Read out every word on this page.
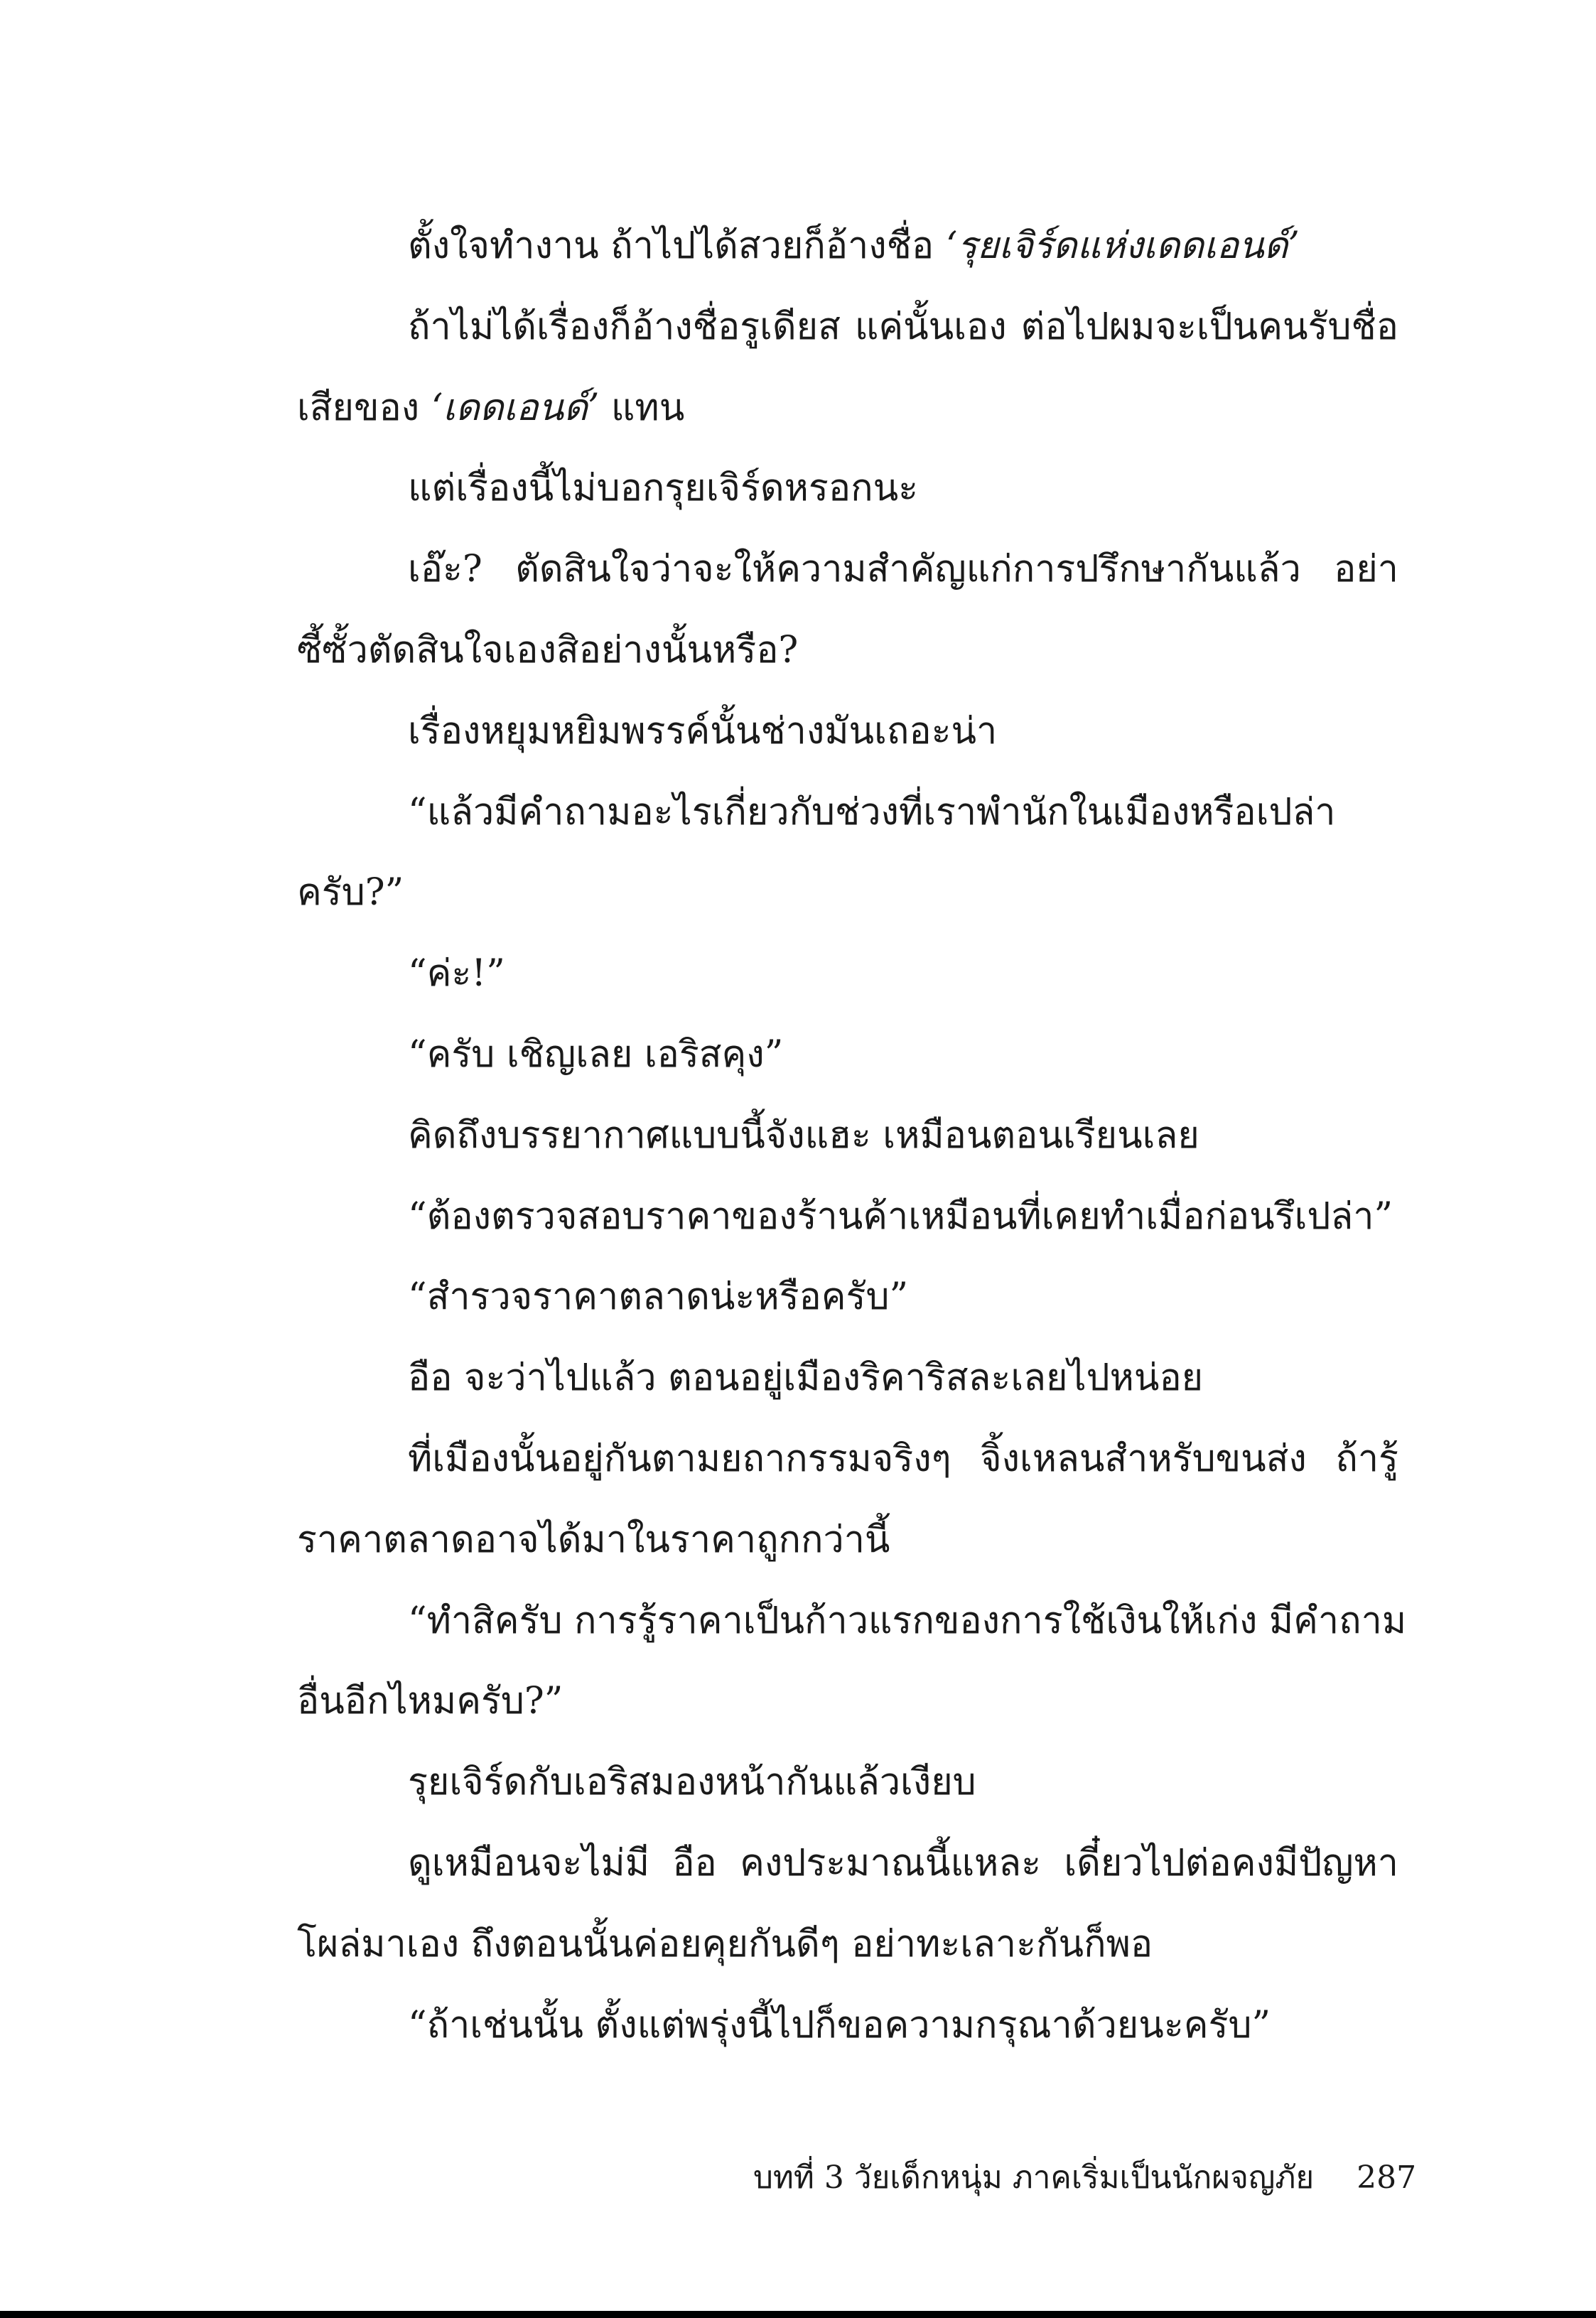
ตั้งใจทำงาน ถ้าไปได้สวยก็อ้างชื่อ ‘รุยเจิร์ดแห่งเดดเอนด์’
ถ้าไม่ได้เรื่องก็อ้างชื่อรูเดียส แค่นั้นเอง ต่อไปผมจะเป็นคนรับชื่อ
เสียของ ‘เดดเอนด์’ แทน
แต่เรื่องนี้ไม่บอกรุยเจิร์ดหรอกนะ
เอ๊ะ? ตัดสินใจว่าจะให้ความสำคัญแก่การปรึกษากันแล้ว อย่า
ซี้ซั้วตัดสินใจเองสิอย่างนั้นหรือ?
เรื่องหยุมหยิมพรรค์นั้นช่างมันเถอะน่า
“แล้วมีคำถามอะไรเกี่ยวกับช่วงที่เราพำนักในเมืองหรือเปล่า
ครับ?”
“ค่ะ!”
“ครับ เชิญเลย เอริสคุง”
คิดถึงบรรยากาศแบบนี้จังแฮะ เหมือนตอนเรียนเลย
“ต้องตรวจสอบราคาของร้านค้าเหมือนที่เคยทำเมื่อก่อนรึเปล่า”
“สำรวจราคาตลาดน่ะหรือครับ”
อือ จะว่าไปแล้ว ตอนอยู่เมืองริคาริสละเลยไปหน่อย
ที่เมืองนั้นอยู่กันตามยถากรรมจริงๆ จิ้งเหลนสำหรับขนส่ง ถ้ารู้
ราคาตลาดอาจได้มาในราคาถูกกว่านี้
“ทำสิครับ การรู้ราคาเป็นก้าวแรกของการใช้เงินให้เก่ง มีคำถาม
อื่นอีกไหมครับ?”
รุยเจิร์ดกับเอริสมองหน้ากันแล้วเงียบ
ดูเหมือนจะไม่มี อือ คงประมาณนี้แหละ เดี๋ยวไปต่อคงมีปัญหา
โผล่มาเอง ถึงตอนนั้นค่อยคุยกันดีๆ อย่าทะเลาะกันก็พอ
“ถ้าเช่นนั้น ตั้งแต่พรุ่งนี้ไปก็ขอความกรุณาด้วยนะครับ”
บทที่ 3 วัยเด็กหนุ่ม ภาคเริ่มเป็นนักผจญภัย 287
